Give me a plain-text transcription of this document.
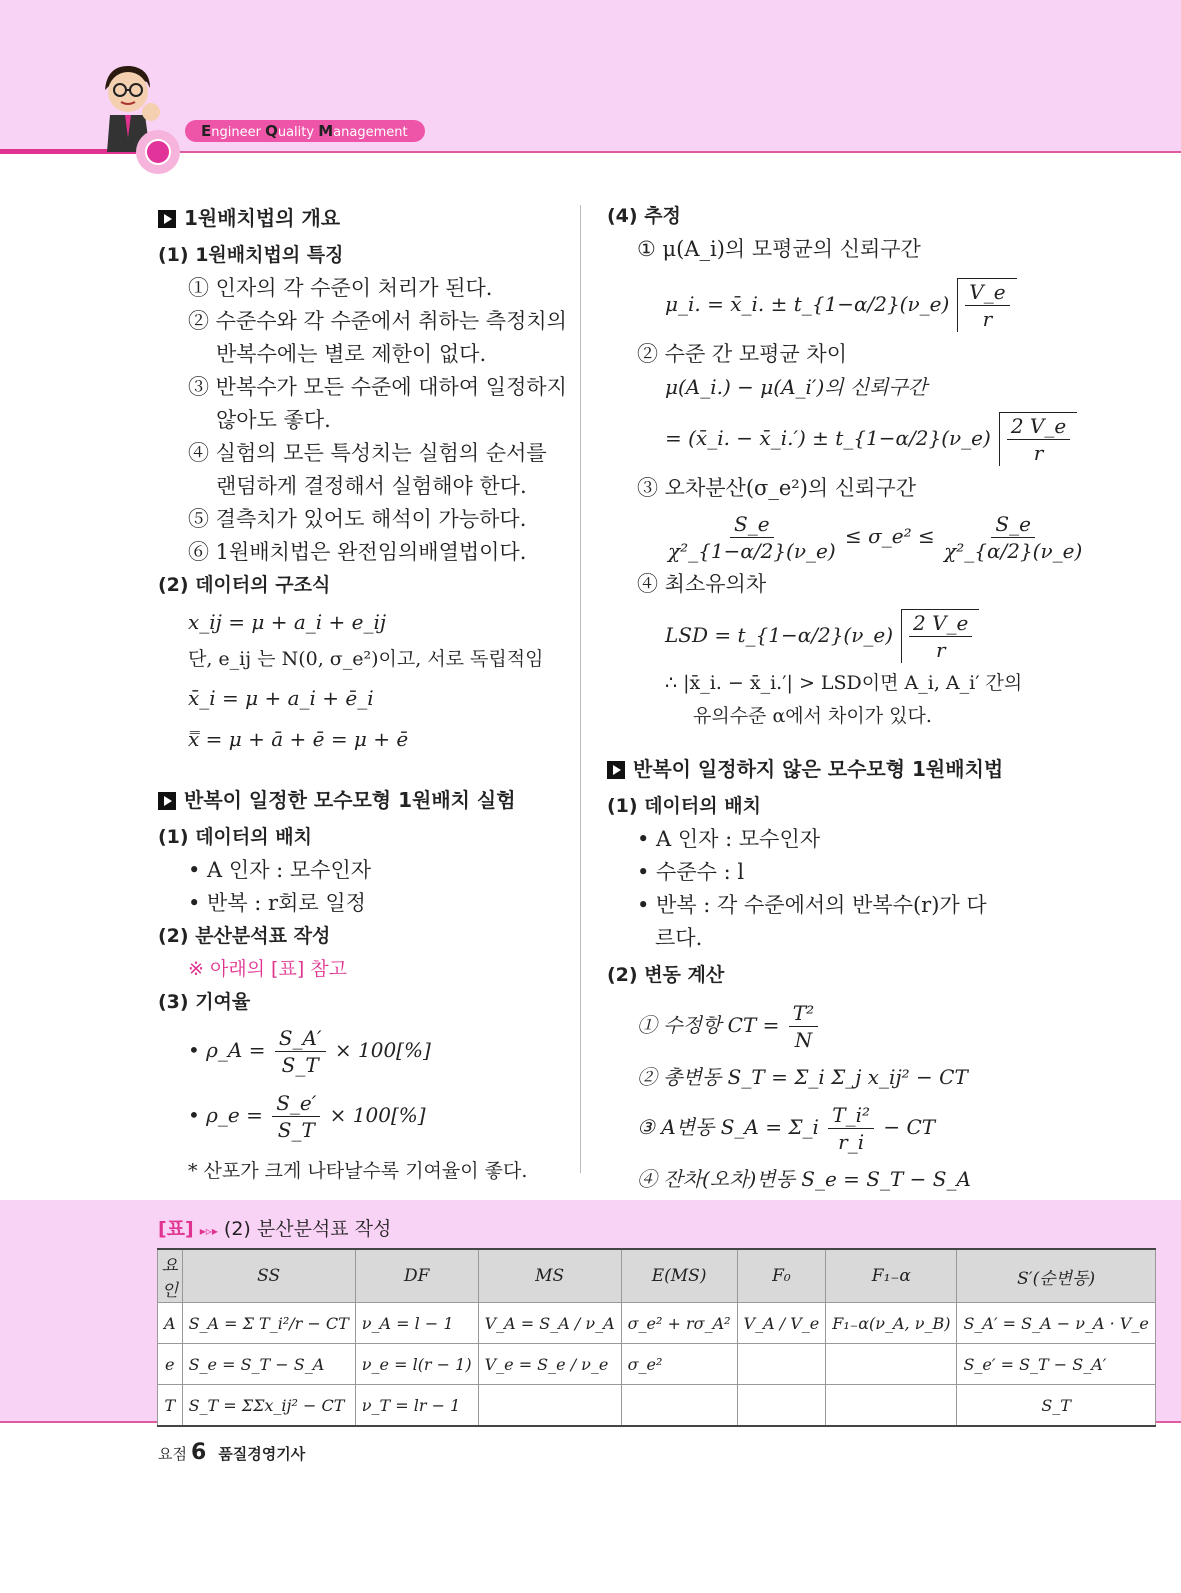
Engineer Quality Management
1원배치법의 개요
(1) 1원배치법의 특징
① 인자의 각 수준이 처리가 된다.
② 수준수와 각 수준에서 취하는 측정치의
반복수에는 별로 제한이 없다.
③ 반복수가 모든 수준에 대하여 일정하지
않아도 좋다.
④ 실험의 모든 특성치는 실험의 순서를
랜덤하게 결정해서 실험해야 한다.
⑤ 결측치가 있어도 해석이 가능하다.
⑥ 1원배치법은 완전임의배열법이다.
(2) 데이터의 구조식
x_ij = μ + a_i + e_ij
단, e_ij 는 N(0, σ_e²)이고, 서로 독립적임
x̄_i = μ + a_i + ē_i
x̿ = μ + ā + ē = μ + ē
반복이 일정한 모수모형 1원배치 실험
(1) 데이터의 배치
• A 인자 : 모수인자
• 반복 : r회로 일정
(2) 분산분석표 작성
※ 아래의 [표] 참고
(3) 기여율
• ρ_A = $\frac{S\_A'}{S\_T} \times 100[\%]$
• ρ_e = $\frac{S\_e'}{S\_T} \times 100[\%]$
* 산포가 크게 나타날수록 기여율이 좋다.
(4) 추정
① μ(A_i)의 모평균의 신뢰구간
μ_i. = x̄_i. ± t_{1−α/2}(ν_e) $\frac{V\_e}{r}$
② 수준 간 모평균 차이
μ(A_i.) − μ(A_i′)의 신뢰구간
= (x̄_i. − x̄_i.′) ± t_{1−α/2}(ν_e) $\frac{2 V\_e}{r}$
③ 오차분산(σ_e²)의 신뢰구간
$\frac{S\_e}{\text{χ²\_\{1−α/2\}(ν\_e)}}$ ≤ σ_e² ≤ $\frac{S\_e}{\text{χ²\_\{α/2\}(ν\_e)}}$
④ 최소유의차
LSD = t_{1−α/2}(ν_e) $\frac{2 V\_e}{r}$
∴ |x̄_i. − x̄_i.′| > LSD이면 A_i, A_i′ 간의
유의수준 α에서 차이가 있다.
반복이 일정하지 않은 모수모형 1원배치법
(1) 데이터의 배치
• A 인자 : 모수인자
• 수준수 : l
• 반복 : 각 수준에서의 반복수(r)가 다
르다.
(2) 변동 계산
① 수정항 CT = $\frac{\text{T²}}{N}$
② 총변동 S_T = Σ_i Σ_j x_ij² − CT
③ A변동 S_A = Σ_i $\frac{\text{T\_i²}}{r\_i}$ − CT
④ 잔차(오차)변동 S_e = S_T − S_A
[표] ▸▹▸ (2) 분산분석표 작성
요 인	SS	DF	MS	E(MS)	F₀	F₁₋α	S′(순변동)
A	S_A = Σ T_i²/r − CT	ν_A = l − 1	V_A = S_A / ν_A	σ_e² + rσ_A²	V_A / V_e	F₁₋α(ν_A, ν_B)	S_A′ = S_A − ν_A · V_e
e	S_e = S_T − S_A	ν_e = l(r − 1)	V_e = S_e / ν_e	σ_e²			S_e′ = S_T − S_A′
T	S_T = ΣΣx_ij² − CT	ν_T = lr − 1					S_T
요점 6 품질경영기사
